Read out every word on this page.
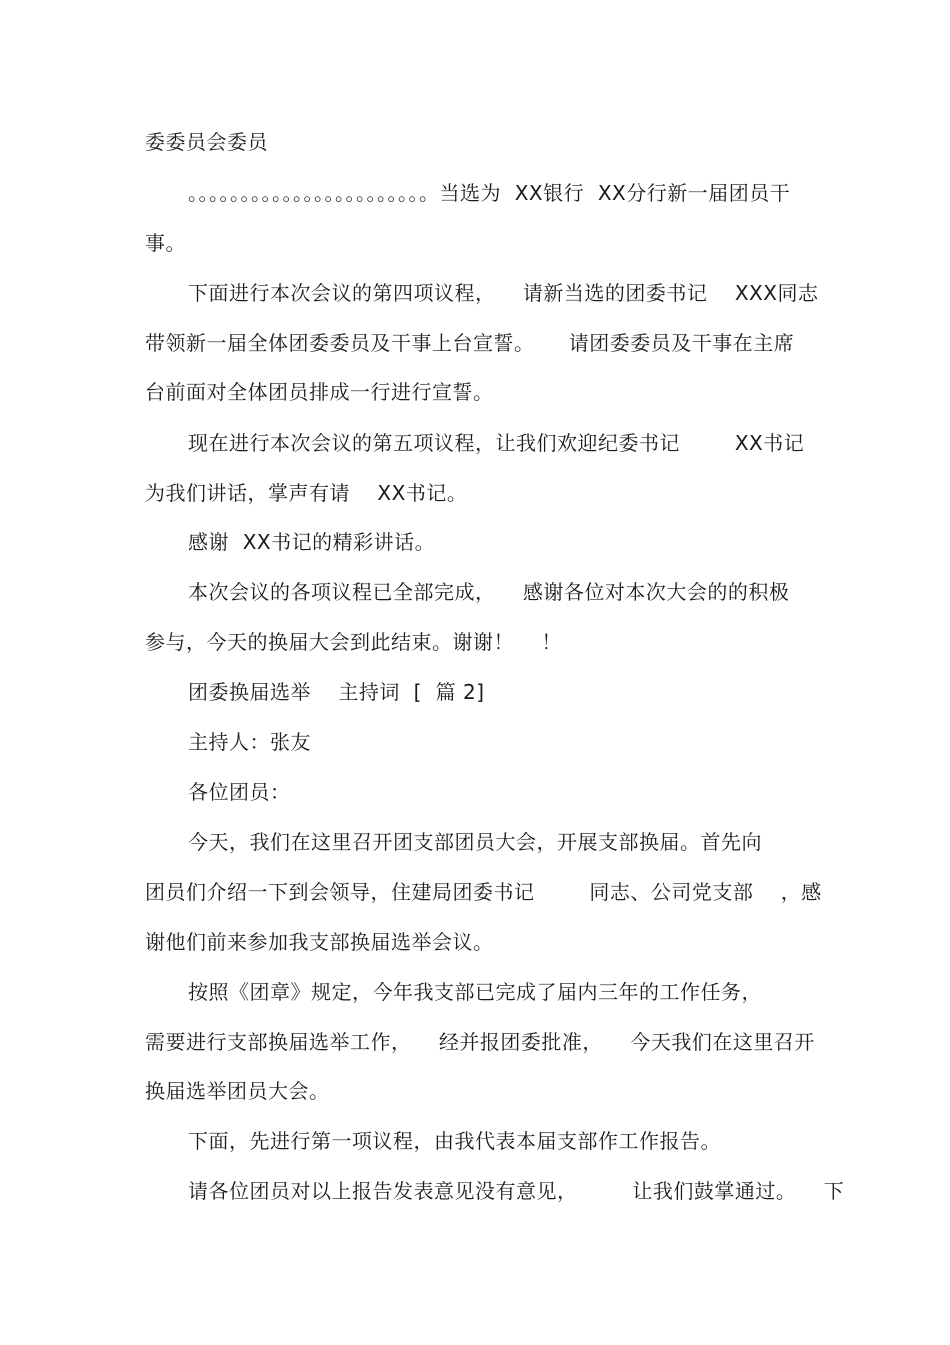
委委员会委员
。。。。。。。。。。。。。。。。。。。。。。。当选为  XX银行  XX分行新一届团员干
事。
下面进行本次会议的第四项议程，    请新当选的团委书记    XXX同志
带领新一届全体团委委员及干事上台宣誓。     请团委委员及干事在主席
台前面对全体团员排成一行进行宣誓。
现在进行本次会议的第五项议程，让我们欢迎纪委书记        XX书记
为我们讲话，掌声有请    XX书记。
感谢  XX书记的精彩讲话。
本次会议的各项议程已全部完成，    感谢各位对本次大会的的积极
参与，今天的换届大会到此结束。谢谢！    ！
团委换届选举    主持词  [  篇 2]
主持人：张友
各位团员：
今天，我们在这里召开团支部团员大会，开展支部换届。首先向
团员们介绍一下到会领导，住建局团委书记        同志、公司党支部    ，感
谢他们前来参加我支部换届选举会议。
按照《团章》规定，今年我支部已完成了届内三年的工作任务，
需要进行支部换届选举工作，    经并报团委批准，    今天我们在这里召开
换届选举团员大会。
下面，先进行第一项议程，由我代表本届支部作工作报告。
请各位团员对以上报告发表意见没有意见，        让我们鼓掌通过。    下
